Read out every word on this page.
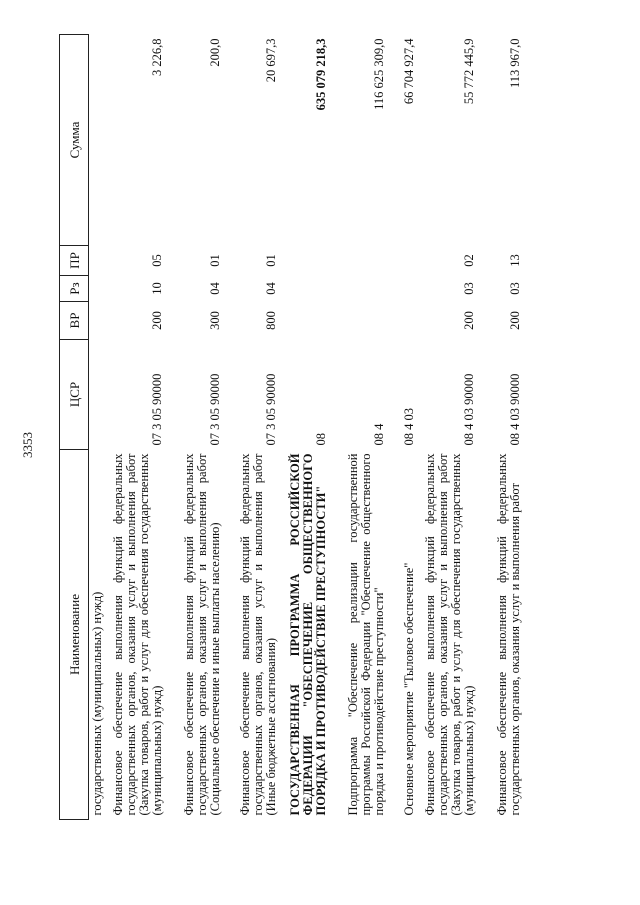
3353
Наименование	ЦСР	ВР	Рз	ПР	Сумма
государственных (муниципальных) нужд)					
Финансовое обеспечение выполнения функций федеральных государственных органов, оказания услуг и выполнения работ (Закупка товаров, работ и услуг для обеспечения государственных (муниципальных) нужд)	07 3 05 90000	200	10	05	3 226,8
Финансовое обеспечение выполнения функций федеральных государственных органов, оказания услуг и выполнения работ (Социальное обеспечение и иные выплаты населению)	07 3 05 90000	300	04	01	200,0
Финансовое обеспечение выполнения функций федеральных государственных органов, оказания услуг и выполнения работ (Иные бюджетные ассигнования)	07 3 05 90000	800	04	01	20 697,3
ГОСУДАРСТВЕННАЯ ПРОГРАММА РОССИЙСКОЙ ФЕДЕРАЦИИ "ОБЕСПЕЧЕНИЕ ОБЩЕСТВЕННОГО ПОРЯДКА И ПРОТИВОДЕЙСТВИЕ ПРЕСТУПНОСТИ"	08				635 079 218,3
Подпрограмма "Обеспечение реализации государственной программы Российской Федерации "Обеспечение общественного порядка и противодействие преступности"	08 4				116 625 309,0
Основное мероприятие "Тыловое обеспечение"	08 4 03				66 704 927,4
Финансовое обеспечение выполнения функций федеральных государственных органов, оказания услуг и выполнения работ (Закупка товаров, работ и услуг для обеспечения государственных (муниципальных) нужд)	08 4 03 90000	200	03	02	55 772 445,9
Финансовое обеспечение выполнения функций федеральных государственных органов, оказания услуг и выполнения работ	08 4 03 90000	200	03	13	113 967,0
